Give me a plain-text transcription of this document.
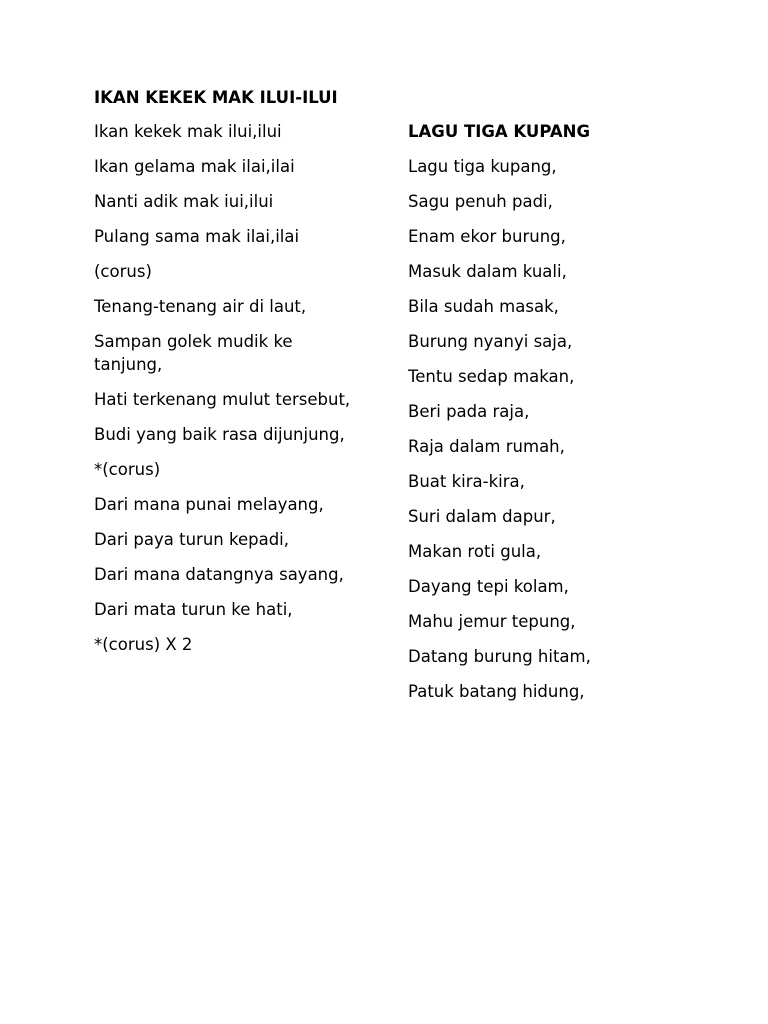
IKAN KEKEK MAK ILUI-ILUI

Ikan kekek mak ilui,ilui

Ikan gelama mak ilai,ilai

Nanti adik mak iui,ilui

Pulang sama mak ilai,ilai

(corus)

Tenang-tenang air di laut,

Sampan golek mudik ke tanjung,

Hati terkenang mulut tersebut,

Budi yang baik rasa dijunjung,

*(corus)

Dari mana punai melayang,

Dari paya turun kepadi,

Dari mana datangnya sayang,

Dari mata turun ke hati,

*(corus) X 2

LAGU TIGA KUPANG

Lagu tiga kupang,

Sagu penuh padi,

Enam ekor burung,

Masuk dalam kuali,

Bila sudah masak,

Burung nyanyi saja,

Tentu sedap makan,

Beri pada raja,

Raja dalam rumah,

Buat kira-kira,

Suri dalam dapur,

Makan roti gula,

Dayang tepi kolam,

Mahu jemur tepung,

Datang burung hitam,

Patuk batang hidung,
